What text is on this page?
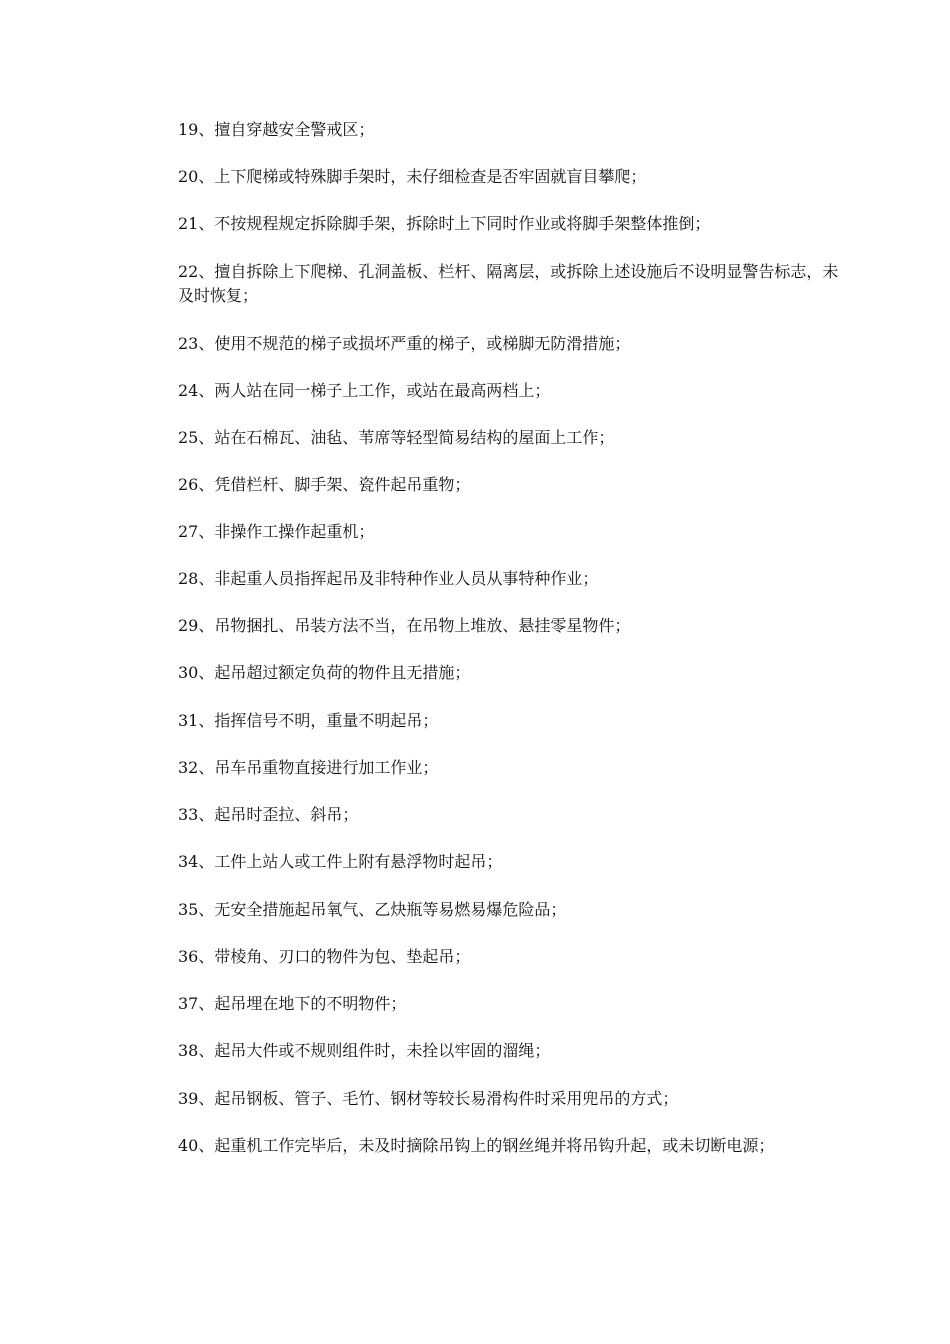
19、擅自穿越安全警戒区；
20、上下爬梯或特殊脚手架时，未仔细检查是否牢固就盲目攀爬；
21、不按规程规定拆除脚手架，拆除时上下同时作业或将脚手架整体推倒；
22、擅自拆除上下爬梯、孔洞盖板、栏杆、隔离层，或拆除上述设施后不设明显警告标志，未
及时恢复；
23、使用不规范的梯子或损坏严重的梯子，或梯脚无防滑措施；
24、两人站在同一梯子上工作，或站在最高两档上；
25、站在石棉瓦、油毡、苇席等轻型简易结构的屋面上工作；
26、凭借栏杆、脚手架、瓷件起吊重物；
27、非操作工操作起重机；
28、非起重人员指挥起吊及非特种作业人员从事特种作业；
29、吊物捆扎、吊装方法不当，在吊物上堆放、悬挂零星物件；
30、起吊超过额定负荷的物件且无措施；
31、指挥信号不明，重量不明起吊；
32、吊车吊重物直接进行加工作业；
33、起吊时歪拉、斜吊；
34、工件上站人或工件上附有悬浮物时起吊；
35、无安全措施起吊氧气、乙炔瓶等易燃易爆危险品；
36、带棱角、刃口的物件为包、垫起吊；
37、起吊埋在地下的不明物件；
38、起吊大件或不规则组件时，未拴以牢固的溜绳；
39、起吊钢板、管子、毛竹、钢材等较长易滑构件时采用兜吊的方式；
40、起重机工作完毕后，未及时摘除吊钩上的钢丝绳并将吊钩升起，或未切断电源；
